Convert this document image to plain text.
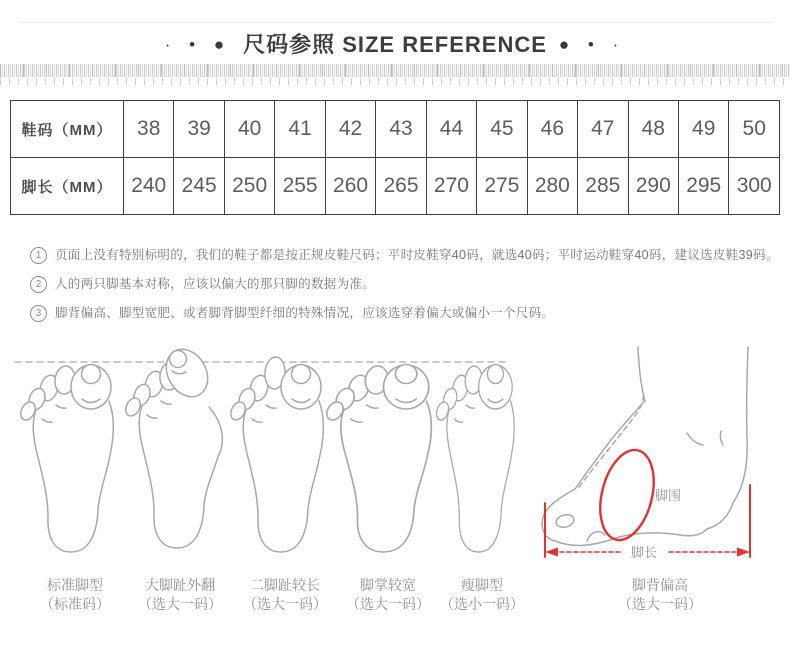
· • ● 尺码参照 SIZE REFERENCE ● • ·
鞋码（MM）	38	39	40	41	42	43	44	45	46	47	48	49	50
脚长（MM）	240	245	250	255	260	265	270	275	280	285	290	295	300
1	页面上没有特别标明的，我们的鞋子都是按正规皮鞋尺码；平时皮鞋穿40码，就选40码；平时运动鞋穿40码，建议选皮鞋39码。
2	人的两只脚基本对称，应该以偏大的那只脚的数据为准。
3	脚背偏高、脚型宽肥、或者脚背脚型纤细的特殊情况，应该选穿着偏大或偏小一个尺码。
脚围
脚长
标准脚型
（标准码）
大脚趾外翻
（选大一码）
二脚趾较长
（选大一码）
脚掌较宽
（选大一码）
瘦脚型
（选小一码）
脚背偏高
（选大一码）
